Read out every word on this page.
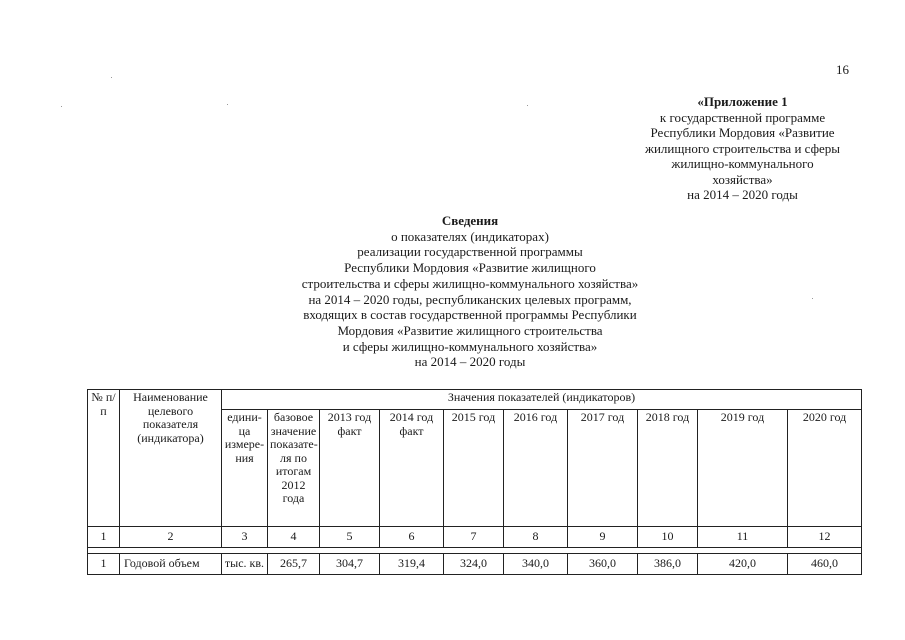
16
«Приложение 1
к государственной программе
Республики Мордовия «Развитие
жилищного строительства и сферы
жилищно-коммунального
хозяйства»
на 2014 – 2020 годы
Сведения
о показателях (индикаторах)
реализации государственной программы
Республики Мордовия «Развитие жилищного
строительства и сферы жилищно-коммунального хозяйства»
на 2014 – 2020 годы, республиканских целевых программ,
входящих в состав государственной программы Республики
Мордовия «Развитие жилищного строительства
и сферы жилищно-коммунального хозяйства»
на 2014 – 2020 годы
№ п/п	Наименование целевого показателя (индикатора)	Значения показателей (индикаторов)									
		едини-ца измере-ния	базовое значение показате-ля по итогам 2012 года	2013 год факт	2014 год факт	2015 год	2016 год	2017 год	2018 год	2019 год	2020 год
1	2	3	4	5	6	7	8	9	10	11	12

1	Годовой объем	тыс. кв.	265,7	304,7	319,4	324,0	340,0	360,0	386,0	420,0	460,0
